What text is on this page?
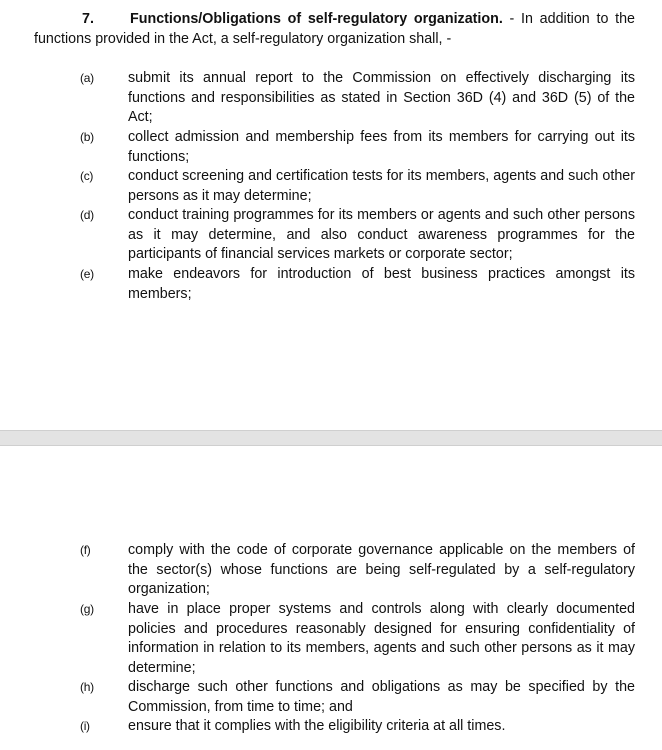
7.	Functions/Obligations of self-regulatory organization. - In addition to the functions provided in the Act, a self-regulatory organization shall, -
(a) submit its annual report to the Commission on effectively discharging its functions and responsibilities as stated in Section 36D (4) and 36D (5) of the Act;
(b) collect admission and membership fees from its members for carrying out its functions;
(c) conduct screening and certification tests for its members, agents and such other persons as it may determine;
(d) conduct training programmes for its members or agents and such other persons as it may determine, and also conduct awareness programmes for the participants of financial services markets or corporate sector;
(e) make endeavors for introduction of best business practices amongst its members;
(f)	comply with the code of corporate governance applicable on the members of the sector(s) whose functions are being self-regulated by a self-regulatory organization;
(g) have in place proper systems and controls along with clearly documented policies and procedures reasonably designed for ensuring confidentiality of information in relation to its members, agents and such other persons as it may determine;
(h) discharge such other functions and obligations as may be specified by the Commission, from time to time; and
(i)	ensure that it complies with the eligibility criteria at all times.
